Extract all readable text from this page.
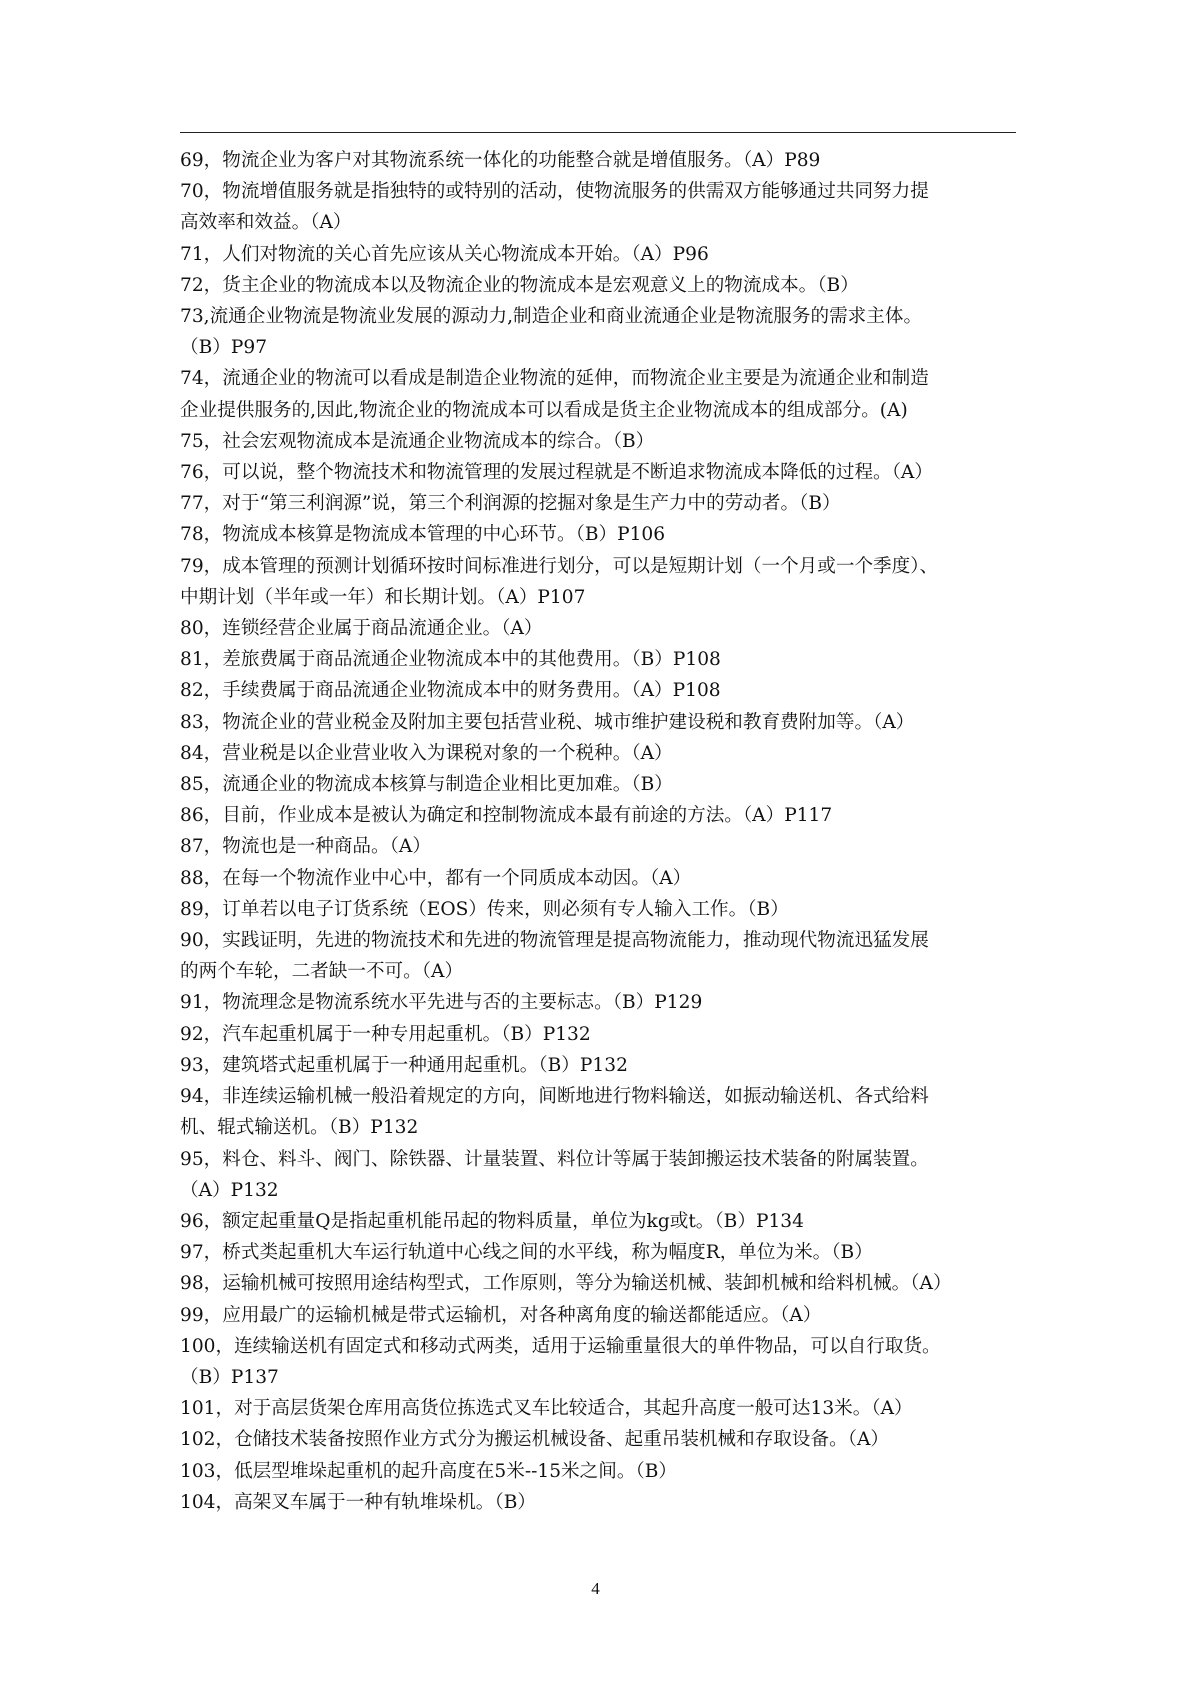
69，物流企业为客户对其物流系统一体化的功能整合就是增值服务。（A）P89

70，物流增值服务就是指独特的或特别的活动，使物流服务的供需双方能够通过共同努力提

高效率和效益。（A）

71，人们对物流的关心首先应该从关心物流成本开始。（A）P96

72，货主企业的物流成本以及物流企业的物流成本是宏观意义上的物流成本。（B）

73,流通企业物流是物流业发展的源动力,制造企业和商业流通企业是物流服务的需求主体。

（B）P97

74，流通企业的物流可以看成是制造企业物流的延伸，而物流企业主要是为流通企业和制造

企业提供服务的,因此,物流企业的物流成本可以看成是货主企业物流成本的组成部分。(A)

75，社会宏观物流成本是流通企业物流成本的综合。（B）

76，可以说，整个物流技术和物流管理的发展过程就是不断追求物流成本降低的过程。（A）

77，对于“第三利润源”说，第三个利润源的挖掘对象是生产力中的劳动者。（B）

78，物流成本核算是物流成本管理的中心环节。（B）P106

79，成本管理的预测计划循环按时间标准进行划分，可以是短期计划（一个月或一个季度）、

中期计划（半年或一年）和长期计划。（A）P107

80，连锁经营企业属于商品流通企业。（A）

81，差旅费属于商品流通企业物流成本中的其他费用。（B）P108

82，手续费属于商品流通企业物流成本中的财务费用。（A）P108

83，物流企业的营业税金及附加主要包括营业税、城市维护建设税和教育费附加等。（A）

84，营业税是以企业营业收入为课税对象的一个税种。（A）

85，流通企业的物流成本核算与制造企业相比更加难。（B）

86，目前，作业成本是被认为确定和控制物流成本最有前途的方法。（A）P117

87，物流也是一种商品。（A）

88，在每一个物流作业中心中，都有一个同质成本动因。（A）

89，订单若以电子订货系统（EOS）传来，则必须有专人输入工作。（B）

90，实践证明，先进的物流技术和先进的物流管理是提高物流能力，推动现代物流迅猛发展

的两个车轮，二者缺一不可。（A）

91，物流理念是物流系统水平先进与否的主要标志。（B）P129

92，汽车起重机属于一种专用起重机。（B）P132

93，建筑塔式起重机属于一种通用起重机。（B）P132

94，非连续运输机械一般沿着规定的方向，间断地进行物料输送，如振动输送机、各式给料

机、辊式输送机。（B）P132

95，料仓、料斗、阀门、除铁器、计量装置、料位计等属于装卸搬运技术装备的附属装置。

（A）P132

96，额定起重量Q是指起重机能吊起的物料质量，单位为kg或t。（B）P134

97，桥式类起重机大车运行轨道中心线之间的水平线，称为幅度R，单位为米。（B）

98，运输机械可按照用途结构型式，工作原则，等分为输送机械、装卸机械和给料机械。（A）

99，应用最广的运输机械是带式运输机，对各种离角度的输送都能适应。（A）

100，连续输送机有固定式和移动式两类，适用于运输重量很大的单件物品，可以自行取货。

（B）P137

101，对于高层货架仓库用高货位拣选式叉车比较适合，其起升高度一般可达13米。（A）

102，仓储技术装备按照作业方式分为搬运机械设备、起重吊装机械和存取设备。（A）

103，低层型堆垛起重机的起升高度在5米--15米之间。（B）

104，高架叉车属于一种有轨堆垛机。（B）

4
